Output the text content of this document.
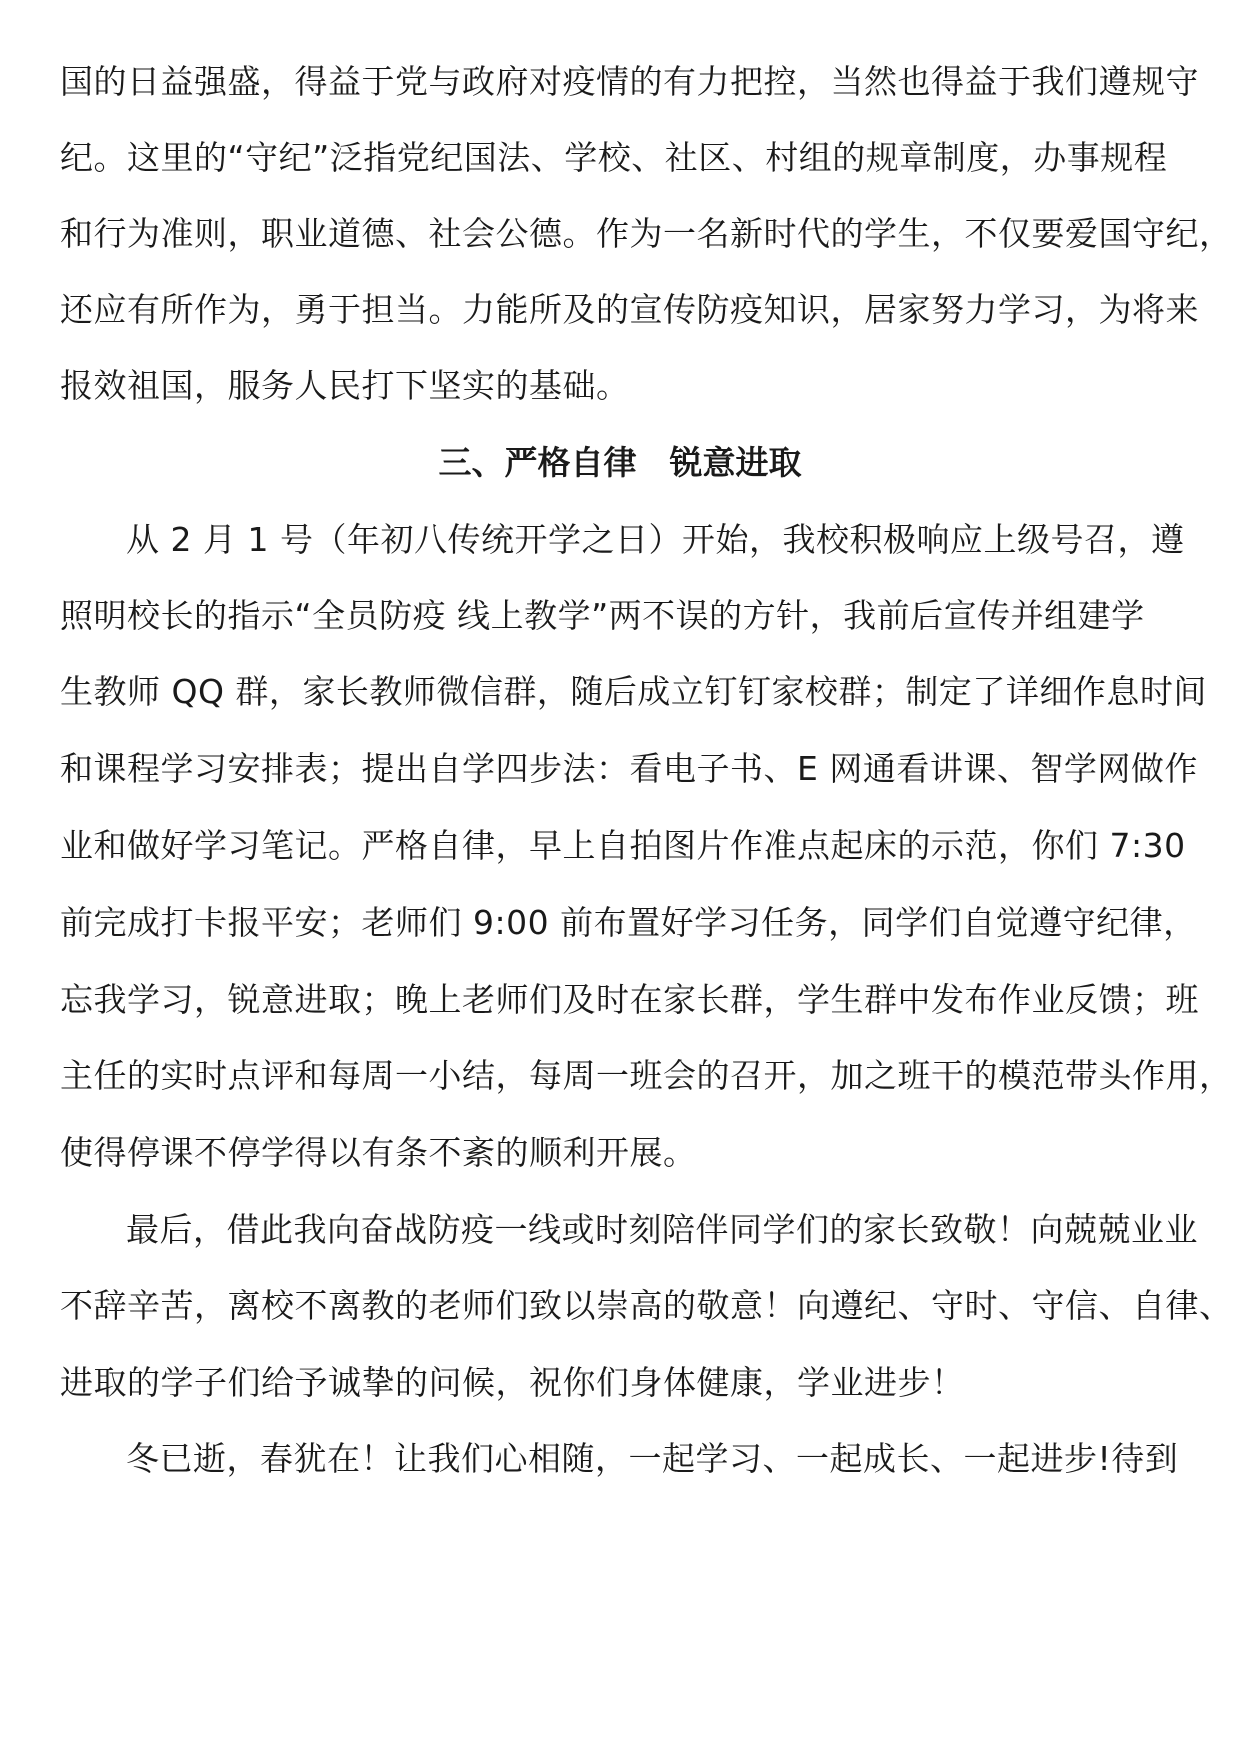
国的日益强盛，得益于党与政府对疫情的有力把控，当然也得益于我们遵规守
纪。这里的“守纪”泛指党纪国法、学校、社区、村组的规章制度，办事规程
和行为准则，职业道德、社会公德。作为一名新时代的学生，不仅要爱国守纪，
还应有所作为，勇于担当。力能所及的宣传防疫知识，居家努力学习，为将来
报效祖国，服务人民打下坚实的基础。
三、严格自律　锐意进取
从 2 月 1 号（年初八传统开学之日）开始，我校积极响应上级号召，遵
照明校长的指示“全员防疫 线上教学”两不误的方针，我前后宣传并组建学
生教师 QQ 群，家长教师微信群，随后成立钉钉家校群；制定了详细作息时间
和课程学习安排表；提出自学四步法：看电子书、E 网通看讲课、智学网做作
业和做好学习笔记。严格自律，早上自拍图片作准点起床的示范，你们 7:30
前完成打卡报平安；老师们 9:00 前布置好学习任务，同学们自觉遵守纪律，
忘我学习，锐意进取；晚上老师们及时在家长群，学生群中发布作业反馈；班
主任的实时点评和每周一小结，每周一班会的召开，加之班干的模范带头作用，
使得停课不停学得以有条不紊的顺利开展。
最后，借此我向奋战防疫一线或时刻陪伴同学们的家长致敬！向兢兢业业
不辞辛苦，离校不离教的老师们致以崇高的敬意！向遵纪、守时、守信、自律、
进取的学子们给予诚挚的问候，祝你们身体健康，学业进步！
冬已逝，春犹在！让我们心相随，一起学习、一起成长、一起进步!待到
